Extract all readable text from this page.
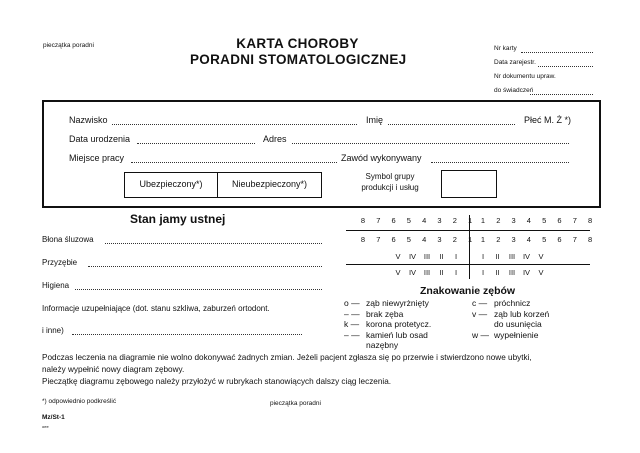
pieczątka poradni	KARTA CHOROBY
PORADNI STOMATOLOGICZNEJ
Nr karty
Data zarejestr.
Nr dokumentu upraw.
do świadczeń
Nazwisko	Imię	Płeć M. Ż *)
Data urodzenia	Adres
Miejsce pracy	Zawód wykonywany
Ubezpieczony*)	Nieubezpieczony*)
Symbol grupy
produkcji i usług
Stan jamy ustnej
Błona śluzowa
Przyzębie
Higiena
Informacje uzupełniające (dot. stanu szkliwa, zaburzeń ortodont.
i inne)
8	7	6	5	4	3	2	1	1	2	3	4	5	6	7	8
8	7	6	5	4	3	2	1	1	2	3	4	5	6	7	8
V	IV	III	II	I	I	II	III	IV	V
V	IV	III	II	I	I	II	III	IV	V
Znakowanie zębów
o — ząb niewyrżnięty
– — brak zęba
k — korona protetycz.
– — kamień lub osad
nazębny
c — próchnicz
v — ząb lub korzeń
do usunięcia
w — wypełnienie
Podczas leczenia na diagramie nie wolno dokonywać żadnych zmian. Jeżeli pacjent zgłasza się po przerwie i stwierdzono nowe ubytki,
należy wypełnić nowy diagram zębowy.
Pieczątkę diagramu zębowego należy przyłożyć w rubrykach stanowiących dalszy ciąg leczenia.
*) odpowiednio podkreślić	pieczątka poradni
Mz/St-1
oee
